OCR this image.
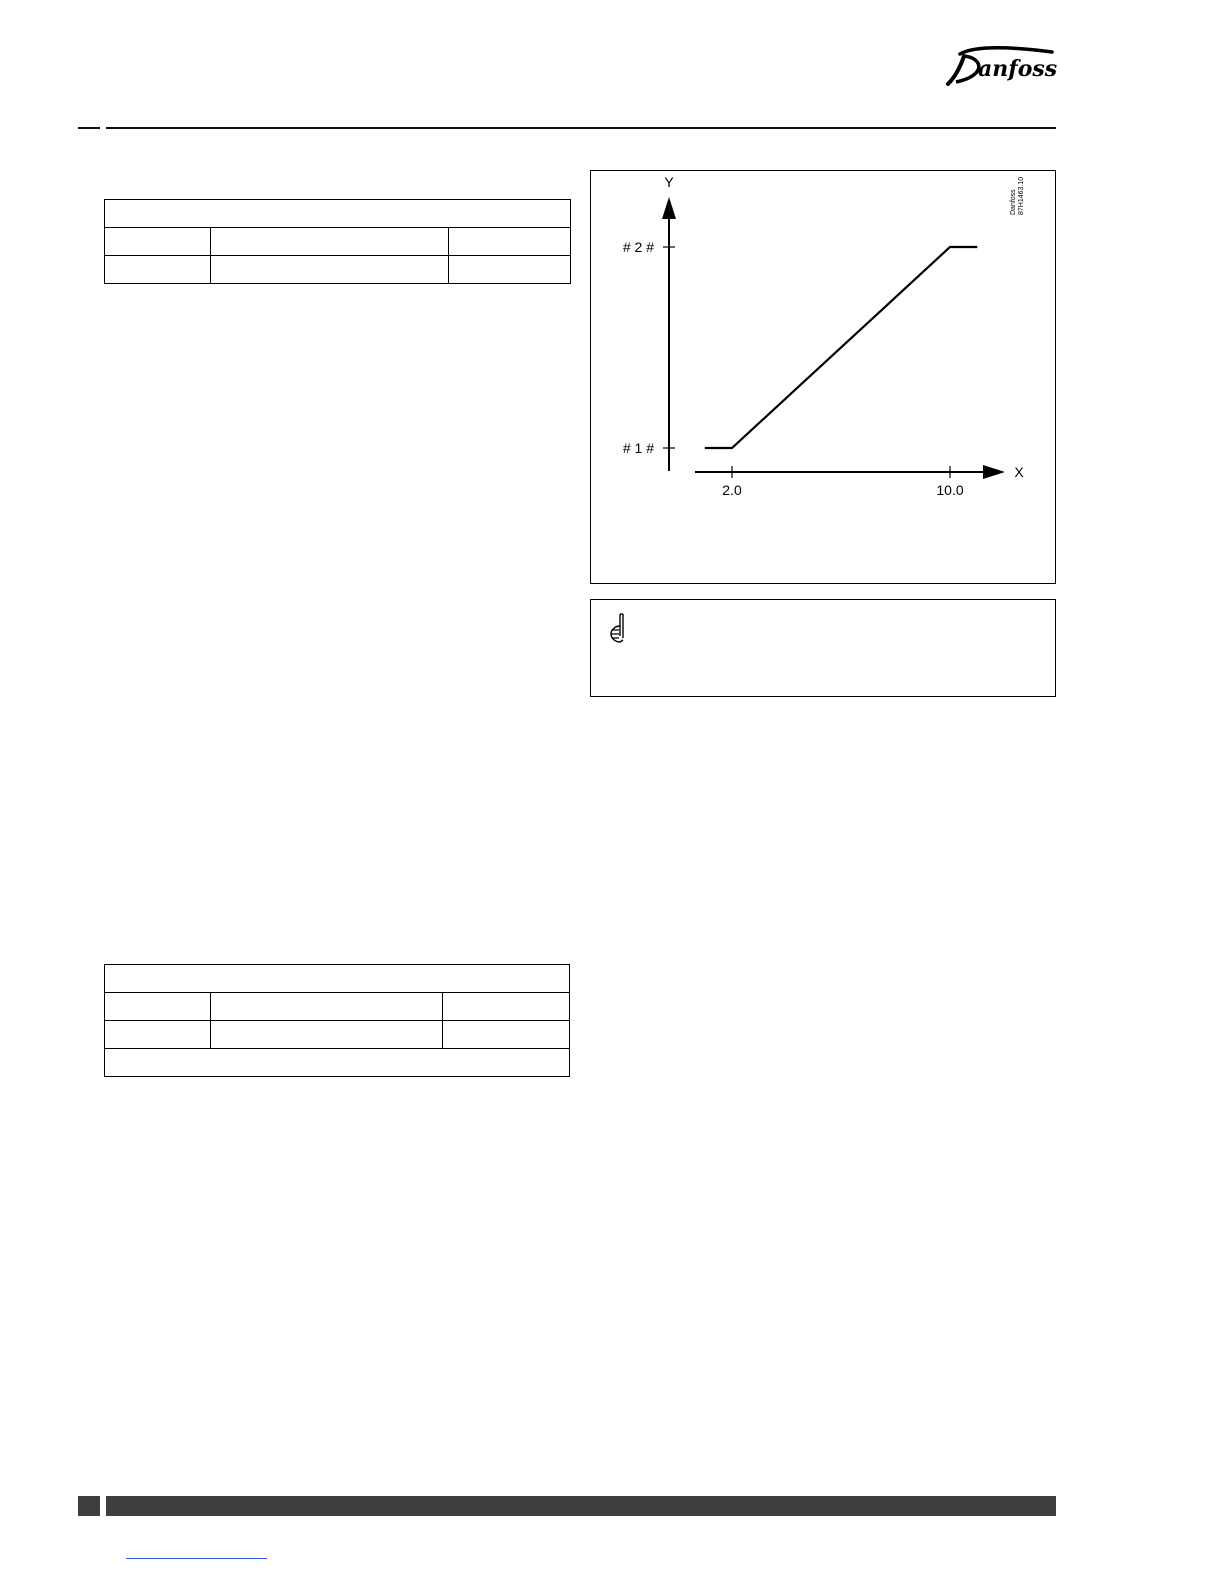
anfoss

Y
X
# 1 #
# 2 #
2.0	10.0
Danfoss 87H1463.10
